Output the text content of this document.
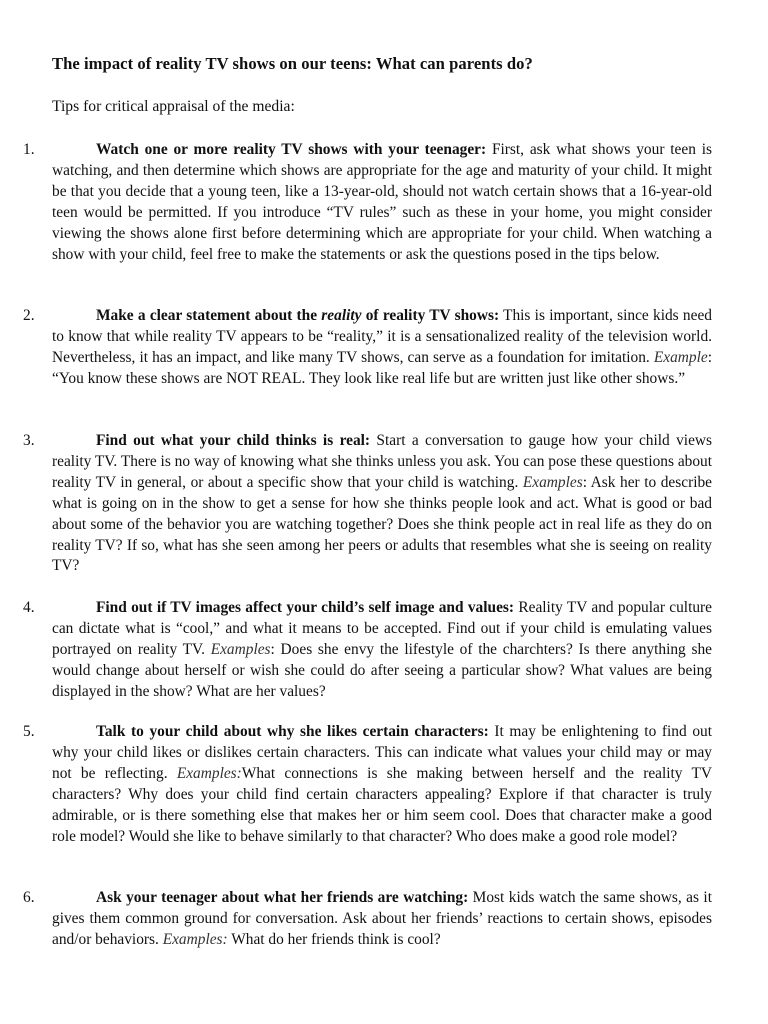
The impact of reality TV shows on our teens: What can parents do?
Tips for critical appraisal of the media:
1.	Watch one or more reality TV shows with your teenager: First, ask what shows your teen is watching, and then determine which shows are appropriate for the age and maturity of your child. It might be that you decide that a young teen, like a 13-year-old, should not watch certain shows that a 16-year-old teen would be permitted. If you introduce “TV rules” such as these in your home, you might consider viewing the shows alone first before determining which are appropriate for your child. When watching a show with your child, feel free to make the statements or ask the questions posed in the tips below.
2.	Make a clear statement about the reality of reality TV shows: This is important, since kids need to know that while reality TV appears to be “reality,” it is a sensationalized reality of the television world. Nevertheless, it has an impact, and like many TV shows, can serve as a foundation for imitation. Example: “You know these shows are NOT REAL. They look like real life but are written just like other shows.”
3.	Find out what your child thinks is real: Start a conversation to gauge how your child views reality TV. There is no way of knowing what she thinks unless you ask. You can pose these questions about reality TV in general, or about a specific show that your child is watching. Examples: Ask her to describe what is going on in the show to get a sense for how she thinks people look and act. What is good or bad about some of the behavior you are watching together? Does she think people act in real life as they do on reality TV? If so, what has she seen among her peers or adults that resembles what she is seeing on reality TV?
4.	Find out if TV images affect your child’s self image and values: Reality TV and popular culture can dictate what is “cool,” and what it means to be accepted. Find out if your child is emulating values portrayed on reality TV. Examples: Does she envy the lifestyle of the charchters? Is there anything she would change about herself or wish she could do after seeing a particular show? What values are being displayed in the show? What are her values?
5.	Talk to your child about why she likes certain characters: It may be enlightening to find out why your child likes or dislikes certain characters. This can indicate what values your child may or may not be reflecting. Examples:What connections is she making between herself and the reality TV characters? Why does your child find certain characters appealing? Explore if that character is truly admirable, or is there something else that makes her or him seem cool. Does that character make a good role model? Would she like to behave similarly to that character? Who does make a good role model?
6.	Ask your teenager about what her friends are watching: Most kids watch the same shows, as it gives them common ground for conversation. Ask about her friends’ reactions to certain shows, episodes and/or behaviors. Examples: What do her friends think is cool?
